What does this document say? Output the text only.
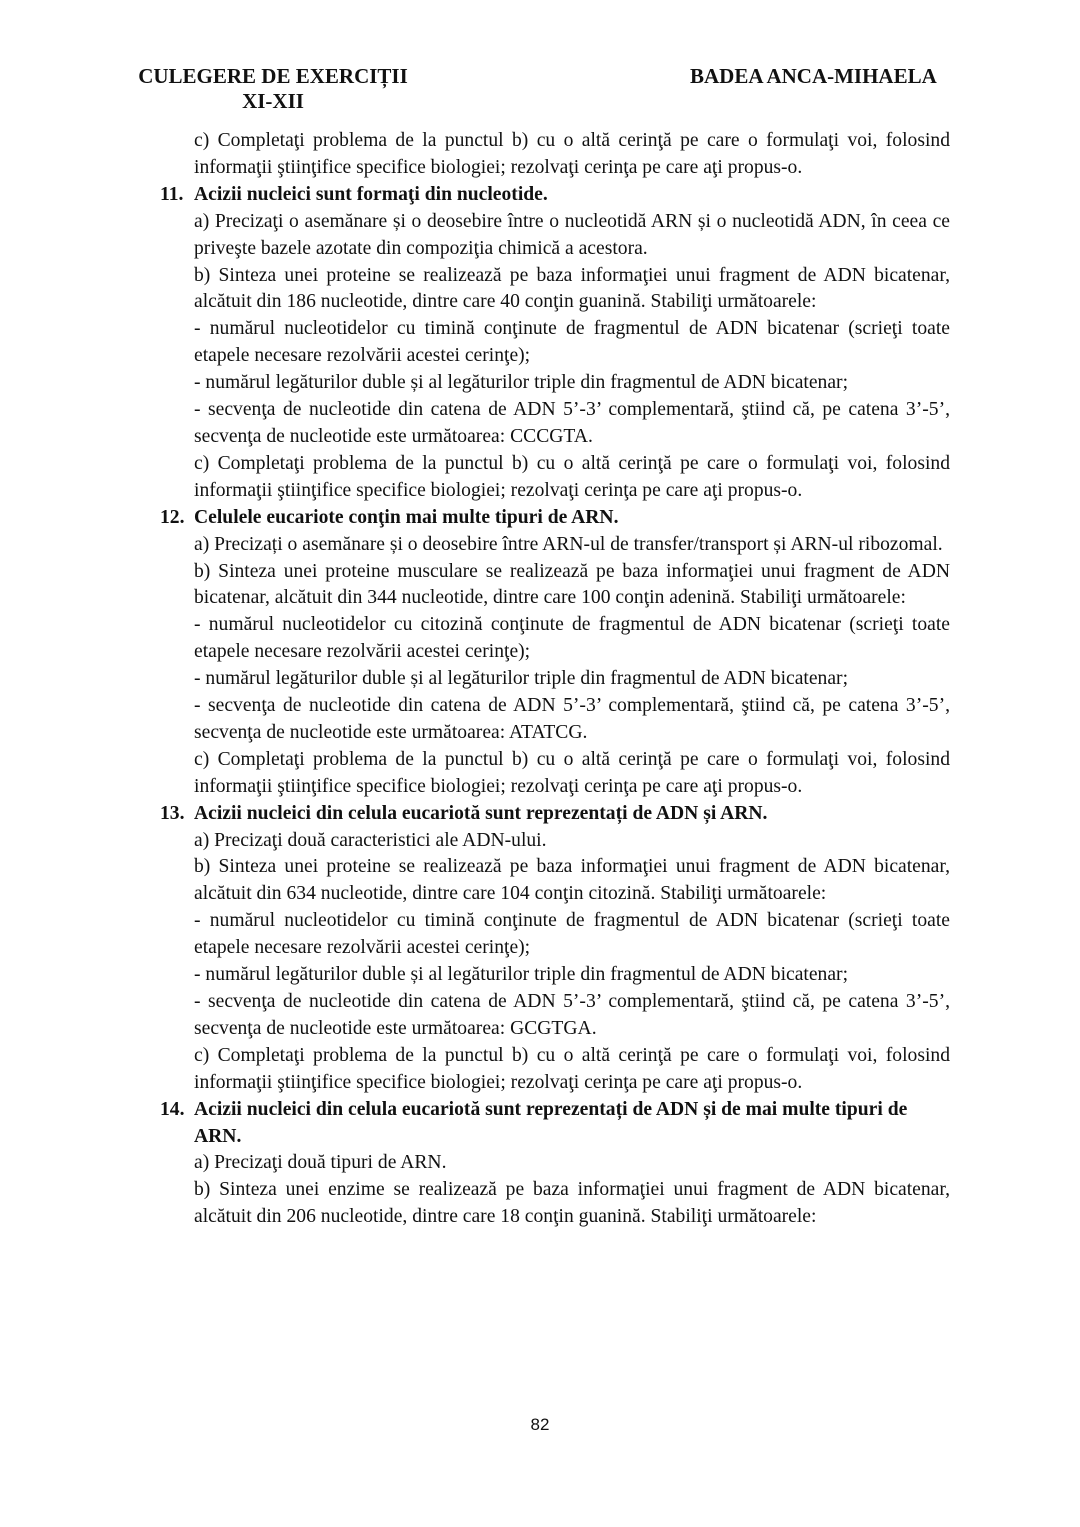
CULEGERE DE EXERCIȚII
XI-XII
BADEA ANCA-MIHAELA

c) Completaţi problema de la punctul b) cu o altă cerinţă pe care o formulaţi voi, folosind informaţii ştiinţifice specifice biologiei; rezolvaţi cerinţa pe care aţi propus-o.

11. Acizii nucleici sunt formaţi din nucleotide.

a) Precizaţi o asemănare și o deosebire între o nucleotidă ARN și o nucleotidă ADN, în ceea ce priveşte bazele azotate din compoziţia chimică a acestora.

b) Sinteza unei proteine se realizează pe baza informaţiei unui fragment de ADN bicatenar, alcătuit din 186 nucleotide, dintre care 40 conţin guanină. Stabiliţi următoarele:

- numărul nucleotidelor cu timină conţinute de fragmentul de ADN bicatenar (scrieţi toate etapele necesare rezolvării acestei cerinţe);

- numărul legăturilor duble și al legăturilor triple din fragmentul de ADN bicatenar;

- secvenţa de nucleotide din catena de ADN 5’-3’ complementară, ştiind că, pe catena 3’-5’, secvenţa de nucleotide este următoarea: CCCGTA.

c) Completaţi problema de la punctul b) cu o altă cerinţă pe care o formulaţi voi, folosind informaţii ştiinţifice specifice biologiei; rezolvaţi cerinţa pe care aţi propus-o.

12. Celulele eucariote conţin mai multe tipuri de ARN.

a) Precizați o asemănare și o deosebire între ARN-ul de transfer/transport și ARN-ul ribozomal.

b) Sinteza unei proteine musculare se realizează pe baza informaţiei unui fragment de ADN bicatenar, alcătuit din 344 nucleotide, dintre care 100 conţin adenină. Stabiliţi următoarele:

- numărul nucleotidelor cu citozină conţinute de fragmentul de ADN bicatenar (scrieţi toate etapele necesare rezolvării acestei cerinţe);

- numărul legăturilor duble și al legăturilor triple din fragmentul de ADN bicatenar;

- secvenţa de nucleotide din catena de ADN 5’-3’ complementară, ştiind că, pe catena 3’-5’, secvenţa de nucleotide este următoarea: ATATCG.

c) Completaţi problema de la punctul b) cu o altă cerinţă pe care o formulaţi voi, folosind informaţii ştiinţifice specifice biologiei; rezolvaţi cerinţa pe care aţi propus-o.

13. Acizii nucleici din celula eucariotă sunt reprezentați de ADN și ARN.

a) Precizaţi două caracteristici ale ADN-ului.

b) Sinteza unei proteine se realizează pe baza informaţiei unui fragment de ADN bicatenar, alcătuit din 634 nucleotide, dintre care 104 conţin citozină. Stabiliţi următoarele:

- numărul nucleotidelor cu timină conţinute de fragmentul de ADN bicatenar (scrieţi toate etapele necesare rezolvării acestei cerinţe);

- numărul legăturilor duble și al legăturilor triple din fragmentul de ADN bicatenar;

- secvenţa de nucleotide din catena de ADN 5’-3’ complementară, ştiind că, pe catena 3’-5’, secvenţa de nucleotide este următoarea: GCGTGA.

c) Completaţi problema de la punctul b) cu o altă cerinţă pe care o formulaţi voi, folosind informaţii ştiinţifice specifice biologiei; rezolvaţi cerinţa pe care aţi propus-o.

14. Acizii nucleici din celula eucariotă sunt reprezentați de ADN și de mai multe tipuri de ARN.

a) Precizaţi două tipuri de ARN.

b) Sinteza unei enzime se realizează pe baza informaţiei unui fragment de ADN bicatenar, alcătuit din 206 nucleotide, dintre care 18 conţin guanină. Stabiliţi următoarele:

82
